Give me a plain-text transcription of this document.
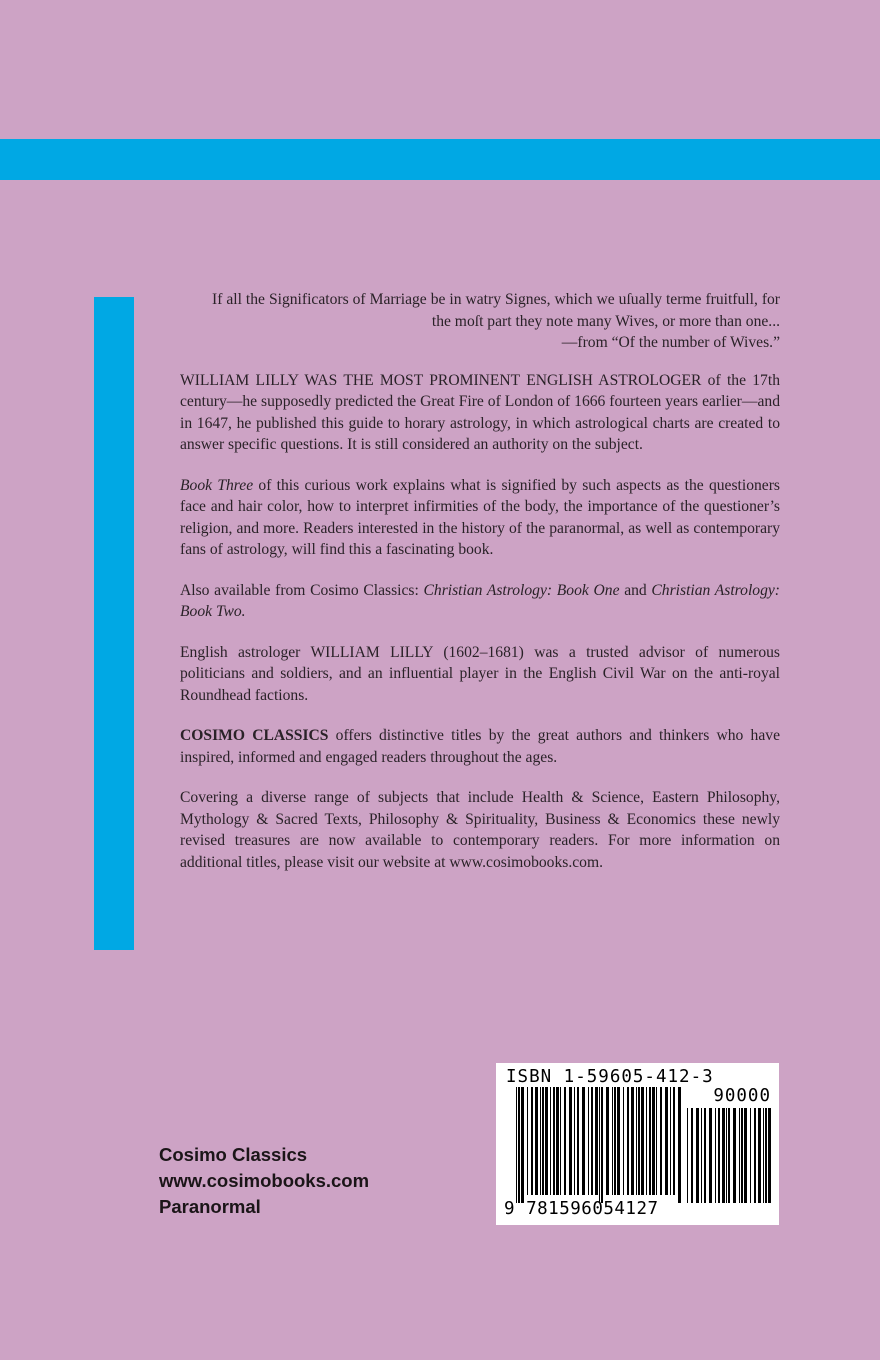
If all the Significators of Marriage be in watry Signes, which we uſually terme fruitfull, for the moſt part they note many Wives, or more than one...

—from “Of the number of Wives.”

WILLIAM LILLY WAS THE MOST PROMINENT ENGLISH ASTROLOGER of the 17th century—he supposedly predicted the Great Fire of London of 1666 fourteen years earlier—and in 1647, he published this guide to horary astrology, in which astrological charts are created to answer specific questions. It is still considered an authority on the subject.

Book Three of this curious work explains what is signified by such aspects as the questioners face and hair color, how to interpret infirmities of the body, the importance of the questioner’s religion, and more. Readers interested in the history of the paranormal, as well as contemporary fans of astrology, will find this a fascinating book.

Also available from Cosimo Classics: Christian Astrology: Book One and Christian Astrology: Book Two.

English astrologer WILLIAM LILLY (1602–1681) was a trusted advisor of numerous politicians and soldiers, and an influential player in the English Civil War on the anti-royal Roundhead factions.

COSIMO CLASSICS offers distinctive titles by the great authors and thinkers who have inspired, informed and engaged readers throughout the ages.

Covering a diverse range of subjects that include Health & Science, Eastern Philosophy, Mythology & Sacred Texts, Philosophy & Spirituality, Business & Economics these newly revised treasures are now available to contemporary readers. For more information on additional titles, please visit our website at www.cosimobooks.com.

Cosimo Classics
www.cosimobooks.com
Paranormal
ISBN 1-59605-412-3
90000
9 781596054127
